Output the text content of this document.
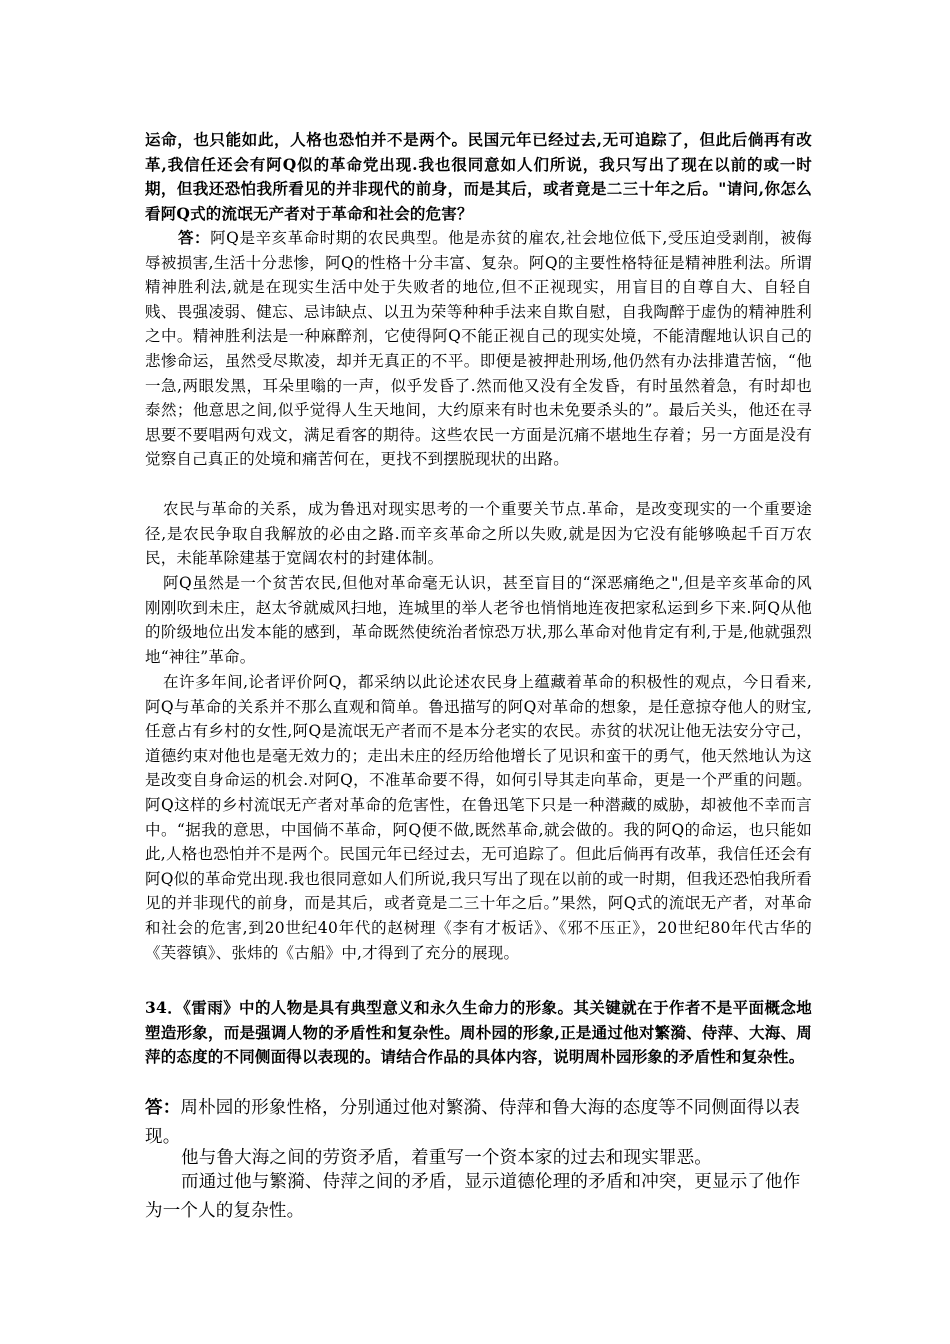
运命，也只能如此，人格也恐怕并不是两个。民国元年已经过去,无可追踪了，但此后倘再有改革,我信任还会有阿Q似的革命党出现.我也很同意如人们所说，我只写出了现在以前的或一时期，但我还恐怕我所看见的并非现代的前身，而是其后，或者竟是二三十年之后。"请问,你怎么看阿Q式的流氓无产者对于革命和社会的危害？

答：阿Q是辛亥革命时期的农民典型。他是赤贫的雇农,社会地位低下,受压迫受剥削，被侮辱被损害,生活十分悲惨，阿Q的性格十分丰富、复杂。阿Q的主要性格特征是精神胜利法。所谓精神胜利法,就是在现实生活中处于失败者的地位,但不正视现实，用盲目的自尊自大、自轻自贱、畏强凌弱、健忘、忌讳缺点、以丑为荣等种种手法来自欺自慰，自我陶醉于虚伪的精神胜利之中。精神胜利法是一种麻醉剂，它使得阿Q不能正视自己的现实处境，不能清醒地认识自己的悲惨命运，虽然受尽欺凌，却并无真正的不平。即便是被押赴刑场,他仍然有办法排遣苦恼，“他一急,两眼发黑，耳朵里嗡的一声，似乎发昏了.然而他又没有全发昏，有时虽然着急，有时却也泰然；他意思之间,似乎觉得人生天地间，大约原来有时也未免要杀头的”。最后关头，他还在寻思要不要唱两句戏文，满足看客的期待。这些农民一方面是沉痛不堪地生存着；另一方面是没有觉察自己真正的处境和痛苦何在，更找不到摆脱现状的出路。

农民与革命的关系，成为鲁迅对现实思考的一个重要关节点.革命，是改变现实的一个重要途径,是农民争取自我解放的必由之路.而辛亥革命之所以失败,就是因为它没有能够唤起千百万农民，未能革除建基于宽阔农村的封建体制。

阿Q虽然是一个贫苦农民,但他对革命毫无认识，甚至盲目的“深恶痛绝之",但是辛亥革命的风刚刚吹到未庄，赵太爷就威风扫地，连城里的举人老爷也悄悄地连夜把家私运到乡下来.阿Q从他的阶级地位出发本能的感到，革命既然使统治者惊恐万状,那么革命对他肯定有利,于是,他就强烈地“神往”革命。

在许多年间,论者评价阿Q，都采纳以此论述农民身上蕴藏着革命的积极性的观点，今日看来,阿Q与革命的关系并不那么直观和简单。鲁迅描写的阿Q对革命的想象，是任意掠夺他人的财宝,任意占有乡村的女性,阿Q是流氓无产者而不是本分老实的农民。赤贫的状况让他无法安分守己，道德约束对他也是毫无效力的；走出未庄的经历给他增长了见识和蛮干的勇气，他天然地认为这是改变自身命运的机会.对阿Q，不准革命要不得，如何引导其走向革命，更是一个严重的问题。阿Q这样的乡村流氓无产者对革命的危害性，在鲁迅笔下只是一种潜藏的威胁，却被他不幸而言中。“据我的意思，中国倘不革命，阿Q便不做,既然革命,就会做的。我的阿Q的命运，也只能如此,人格也恐怕并不是两个。民国元年已经过去，无可追踪了。但此后倘再有改革，我信任还会有阿Q似的革命党出现.我也很同意如人们所说,我只写出了现在以前的或一时期，但我还恐怕我所看见的并非现代的前身，而是其后，或者竟是二三十年之后。”果然，阿Q式的流氓无产者，对革命和社会的危害,到20世纪40年代的赵树理《李有才板话》、《邪不压正》，20世纪80年代古华的《芙蓉镇》、张炜的《古船》中,才得到了充分的展现。

34．《雷雨》中的人物是具有典型意义和永久生命力的形象。其关键就在于作者不是平面概念地塑造形象，而是强调人物的矛盾性和复杂性。周朴园的形象,正是通过他对繁漪、侍萍、大海、周萍的态度的不同侧面得以表现的。请结合作品的具体内容，说明周朴园形象的矛盾性和复杂性。

答：周朴园的形象性格，分别通过他对繁漪、侍萍和鲁大海的态度等不同侧面得以表现。

他与鲁大海之间的劳资矛盾，着重写一个资本家的过去和现实罪恶。

而通过他与繁漪、侍萍之间的矛盾，显示道德伦理的矛盾和冲突，更显示了他作为一个人的复杂性。
